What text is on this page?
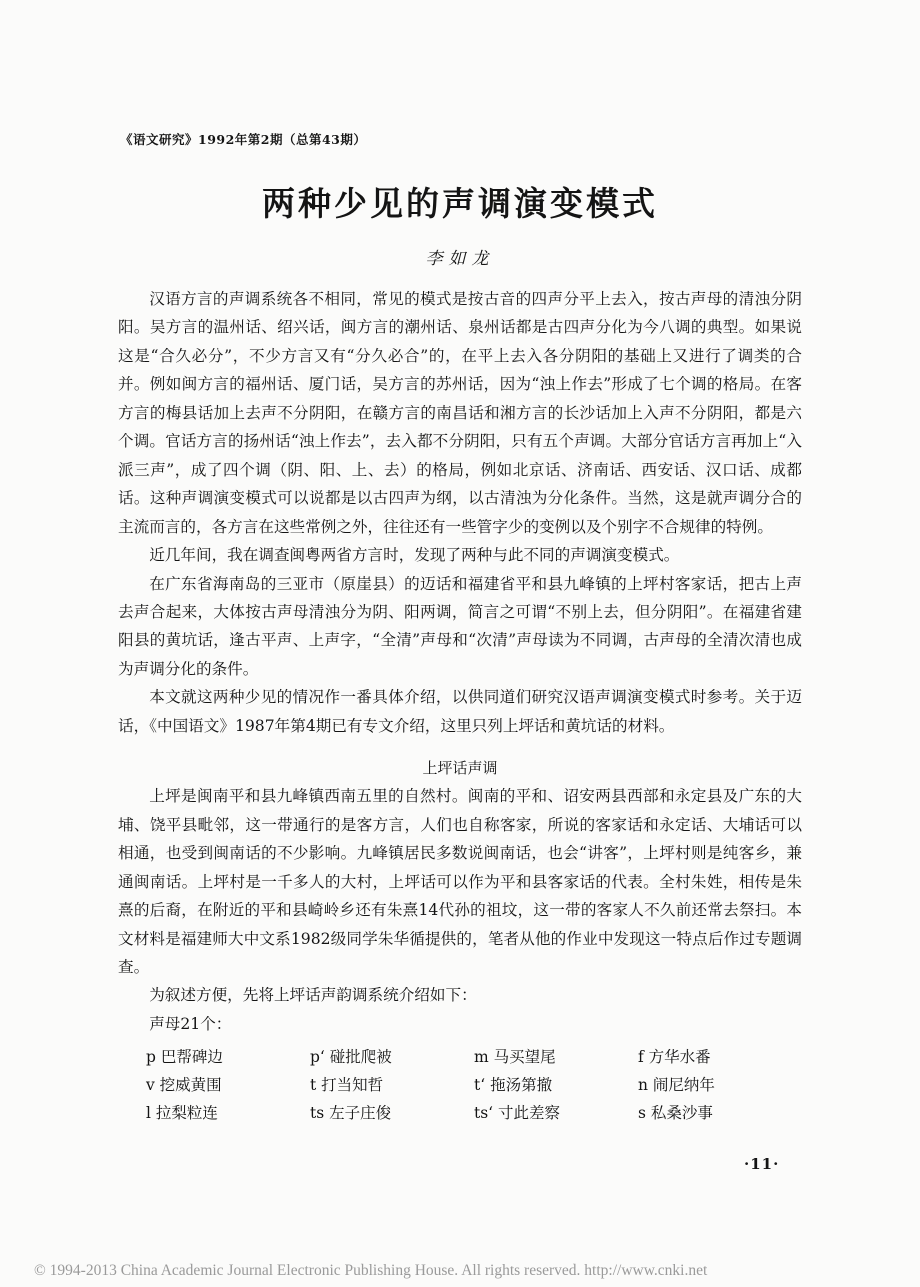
《语文研究》1992年第2期（总第43期）
两种少见的声调演变模式
李如龙

汉语方言的声调系统各不相同，常见的模式是按古音的四声分平上去入，按古声母的清浊分阴阳。吴方言的温州话、绍兴话，闽方言的潮州话、泉州话都是古四声分化为今八调的典型。如果说这是“合久必分”，不少方言又有“分久必合”的，在平上去入各分阴阳的基础上又进行了调类的合并。例如闽方言的福州话、厦门话，吴方言的苏州话，因为“浊上作去”形成了七个调的格局。在客方言的梅县话加上去声不分阴阳，在赣方言的南昌话和湘方言的长沙话加上入声不分阴阳，都是六个调。官话方言的扬州话“浊上作去”，去入都不分阴阳，只有五个声调。大部分官话方言再加上“入派三声”，成了四个调（阴、阳、上、去）的格局，例如北京话、济南话、西安话、汉口话、成都话。这种声调演变模式可以说都是以古四声为纲，以古清浊为分化条件。当然，这是就声调分合的主流而言的，各方言在这些常例之外，往往还有一些管字少的变例以及个别字不合规律的特例。

近几年间，我在调查闽粤两省方言时，发现了两种与此不同的声调演变模式。

在广东省海南岛的三亚市（原崖县）的迈话和福建省平和县九峰镇的上坪村客家话，把古上声去声合起来，大体按古声母清浊分为阴、阳两调，简言之可谓“不别上去，但分阴阳”。在福建省建阳县的黄坑话，逢古平声、上声字，“全清”声母和“次清”声母读为不同调，古声母的全清次清也成为声调分化的条件。

本文就这两种少见的情况作一番具体介绍，以供同道们研究汉语声调演变模式时参考。关于迈话，《中国语文》1987年第4期已有专文介绍，这里只列上坪话和黄坑话的材料。

上坪话声调

上坪是闽南平和县九峰镇西南五里的自然村。闽南的平和、诏安两县西部和永定县及广东的大埔、饶平县毗邻，这一带通行的是客方言，人们也自称客家，所说的客家话和永定话、大埔话可以相通，也受到闽南话的不少影响。九峰镇居民多数说闽南话，也会“讲客”，上坪村则是纯客乡，兼通闽南话。上坪村是一千多人的大村，上坪话可以作为平和县客家话的代表。全村朱姓，相传是朱熹的后裔，在附近的平和县崎岭乡还有朱熹14代孙的祖坟，这一带的客家人不久前还常去祭扫。本文材料是福建师大中文系1982级同学朱华循提供的，笔者从他的作业中发现这一特点后作过专题调查。

为叙述方便，先将上坪话声韵调系统介绍如下：

声母21个：

p 巴帮碑边	p‘ 碰批爬被	m 马买望尾	f 方华水番
v 挖威黄围	t 打当知哲	t‘ 拖汤第撤	n 闹尼纳年
l 拉梨粒连	ts 左子庄俊	ts‘ 寸此差察	s 私桑沙事
·11·
© 1994-2013 China Academic Journal Electronic Publishing House. All rights reserved. http://www.cnki.net
